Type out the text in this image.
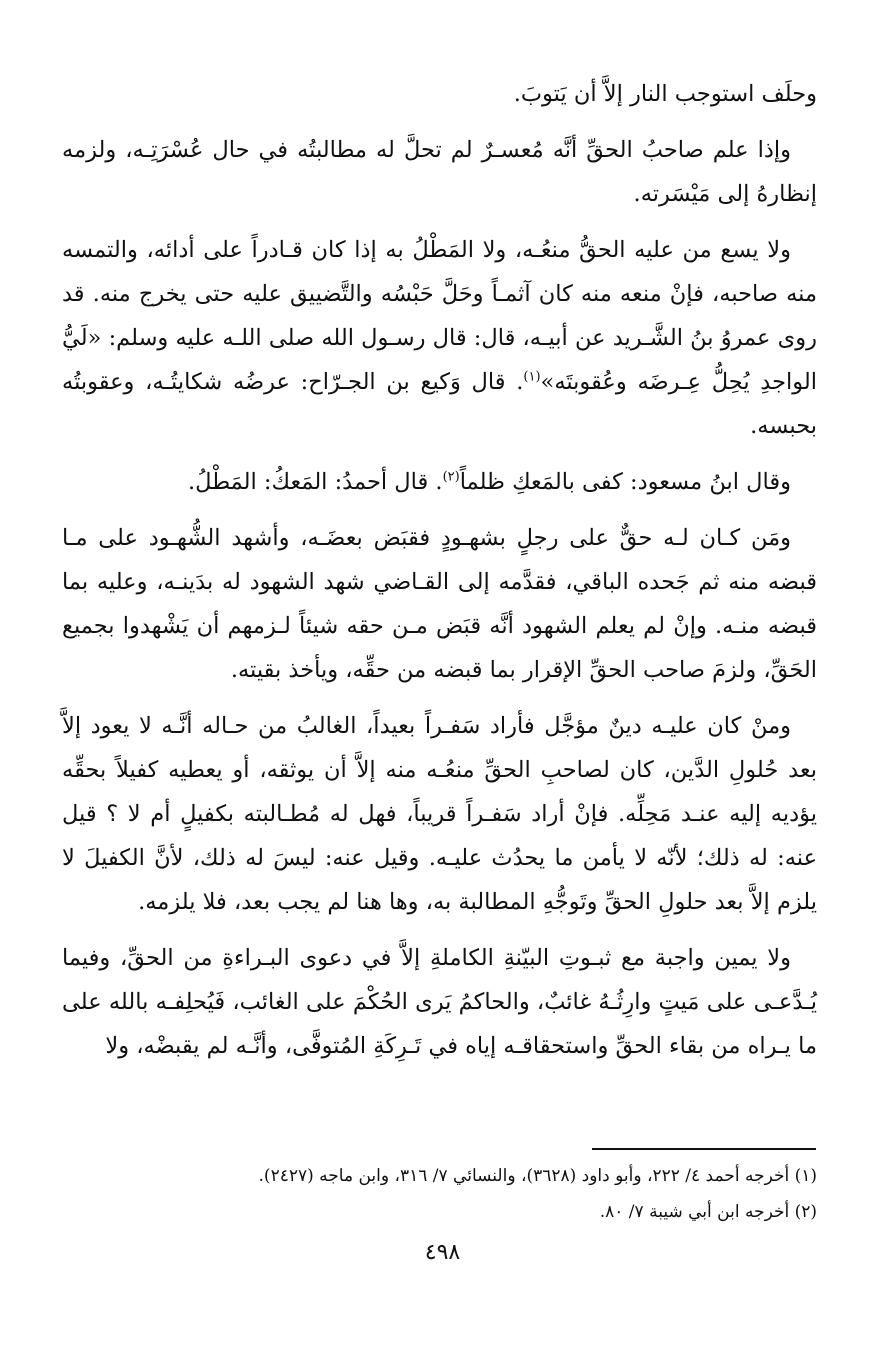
وحلَف استوجب النار إلاَّ أن يَتوبَ.

وإذا علم صاحبُ الحقِّ أنَّه مُعسـرٌ لم تحلَّ له مطالبتُه في حال عُسْرَتِـه، ولزمه إنظارهُ إلى مَيْسَرته.

ولا يسع من عليه الحقُّ منعُـه، ولا المَطْلُ به إذا كان قـادراً على أدائه، والتمسه منه صاحبه، فإنْ منعه منه كان آثمـاً وحَلَّ حَبْسُه والتَّضييق عليه حتى يخرج منه. قد روى عمروُ بنُ الشَّـريد عن أبيـه، قال: قال رسـول الله صلى اللـه عليه وسلم: «لَيُّ الواجدِ يُحِلُّ عِـرضَه وعُقوبتَه»$^{(١)}$. قال وَكيع بن الجـرّاح: عرضُه شكايتُـه، وعقوبتُه بحبسه.

وقال ابنُ مسعود: كفى بالمَعكِ ظلماً$^{(٢)}$. قال أحمدُ: المَعكُ: المَطْلُ.

ومَن كـان لـه حقٌّ على رجلٍ بشهـودٍ فقبَض بعضَـه، وأشهد الشُّهـود على مـا قبضه منه ثم جَحده الباقي، فقدَّمه إلى القـاضي شهد الشهود له بدَينـه، وعليه بما قبضه منـه. وإنْ لم يعلم الشهود أنَّه قبَض مـن حقه شيئاً لـزمهم أن يَشْهدوا بجميع الحَقِّ، ولزمَ صاحب الحقِّ الإقرار بما قبضه من حقِّه، ويأخذ بقيته.

ومنْ كان عليـه دينٌ مؤجَّل فأراد سَفـراً بعيداً، الغالبُ من حـاله أنَّـه لا يعود إلاَّ بعد حُلولِ الدَّين، كان لصاحبِ الحقِّ منعُـه منه إلاَّ أن يوثقه، أو يعطيه كفيلاً بحقِّه يؤديه إليه عنـد مَحِلِّه. فإنْ أراد سَفـراً قريباً، فهل له مُطـالبته بكفيلٍ أم لا ؟ قيل عنه: له ذلك؛ لأنّه لا يأمن ما يحدُث عليـه. وقيل عنه: ليسَ له ذلك، لأنَّ الكفيلَ لا يلزم إلاَّ بعد حلولِ الحقِّ وتَوجُّهِ المطالبة به، وها هنا لم يجب بعد، فلا يلزمه.

ولا يمين واجبة مع ثبـوتِ البيّنةِ الكاملةِ إلاَّ في دعوى البـراءةِ من الحقِّ، وفيما يُـدَّعـى على مَيتٍ وارِثُـهُ غائبٌ، والحاكمُ يَرى الحُكْمَ على الغائب، فَيُحلِفـه بالله على ما يـراه من بقاء الحقِّ واستحقاقـه إياه في تَـرِكَةِ المُتوفَّى، وأنَّـه لم يقبضْه، ولا

(١) أخرجه أحمد ٤/ ٢٢٢، وأبو داود (٣٦٢٨)، والنسائي ٧/ ٣١٦، وابن ماجه (٢٤٢٧).
(٢) أخرجه ابن أبي شيبة ٧/ ٨٠.
٤٩٨
